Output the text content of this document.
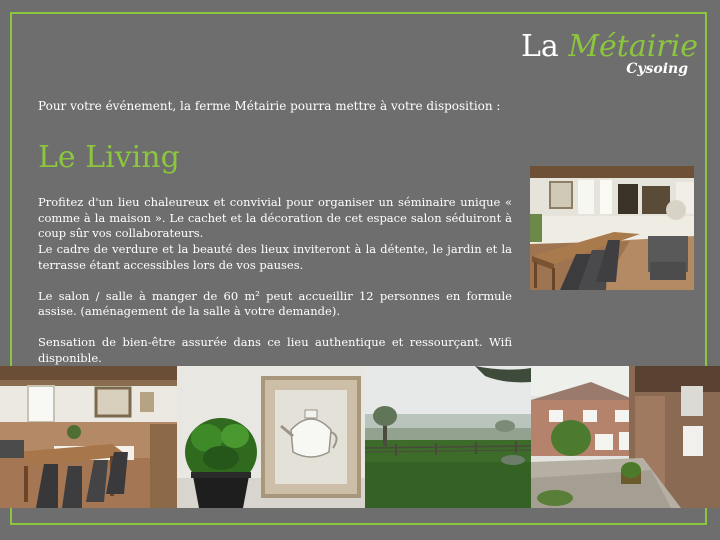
La Métairie
Cysoing
Pour votre événement, la ferme Métairie pourra mettre à votre disposition :
Le Living

Profitez d'un lieu chaleureux et convivial pour organiser un séminaire unique « comme à la maison ». Le cachet et la décoration de cet espace salon séduiront à coup sûr vos collaborateurs.

Le cadre de verdure et la beauté des lieux inviteront à la détente, le jardin et la terrasse étant accessibles lors de vos pauses.

Le salon / salle à manger de 60 m² peut accueillir 12 personnes en formule assise. (aménagement de la salle à votre demande).

Sensation de bien-être assurée dans ce lieu authentique et ressourçant. Wifi disponible.
